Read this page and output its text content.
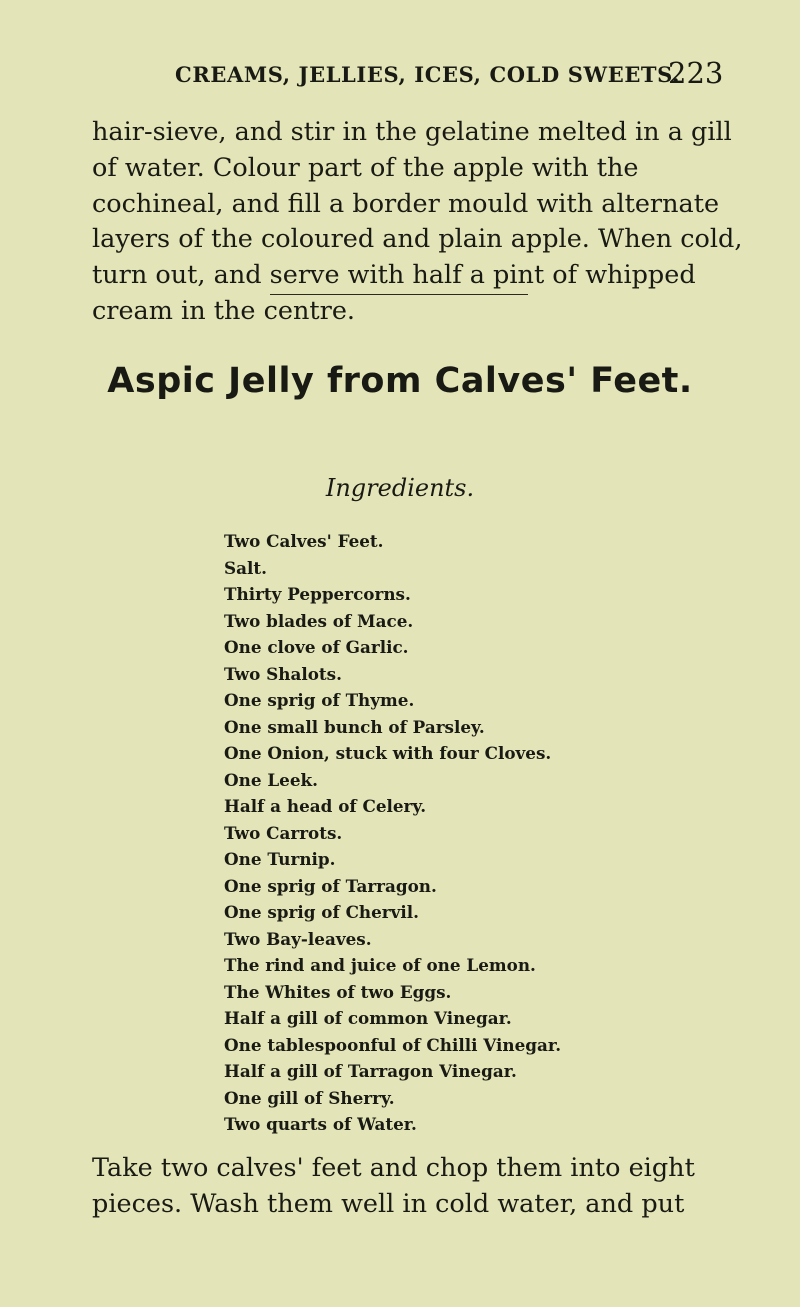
CREAMS, JELLIES, ICES, COLD SWEETS.
223
hair-sieve, and stir in the gelatine melted in a gill
of water. Colour part of the apple with the
cochineal, and fill a border mould with alternate
layers of the coloured and plain apple. When cold,
turn out, and serve with half a pint of whipped
cream in the centre.
Aspic Jelly from Calves' Feet.
Ingredients.
Two Calves' Feet.
Salt.
Thirty Peppercorns.
Two blades of Mace.
One clove of Garlic.
Two Shalots.
One sprig of Thyme.
One small bunch of Parsley.
One Onion, stuck with four Cloves.
One Leek.
Half a head of Celery.
Two Carrots.
One Turnip.
One sprig of Tarragon.
One sprig of Chervil.
Two Bay-leaves.
The rind and juice of one Lemon.
The Whites of two Eggs.
Half a gill of common Vinegar.
One tablespoonful of Chilli Vinegar.
Half a gill of Tarragon Vinegar.
One gill of Sherry.
Two quarts of Water.
Take two calves' feet and chop them into eight
pieces. Wash them well in cold water, and put
